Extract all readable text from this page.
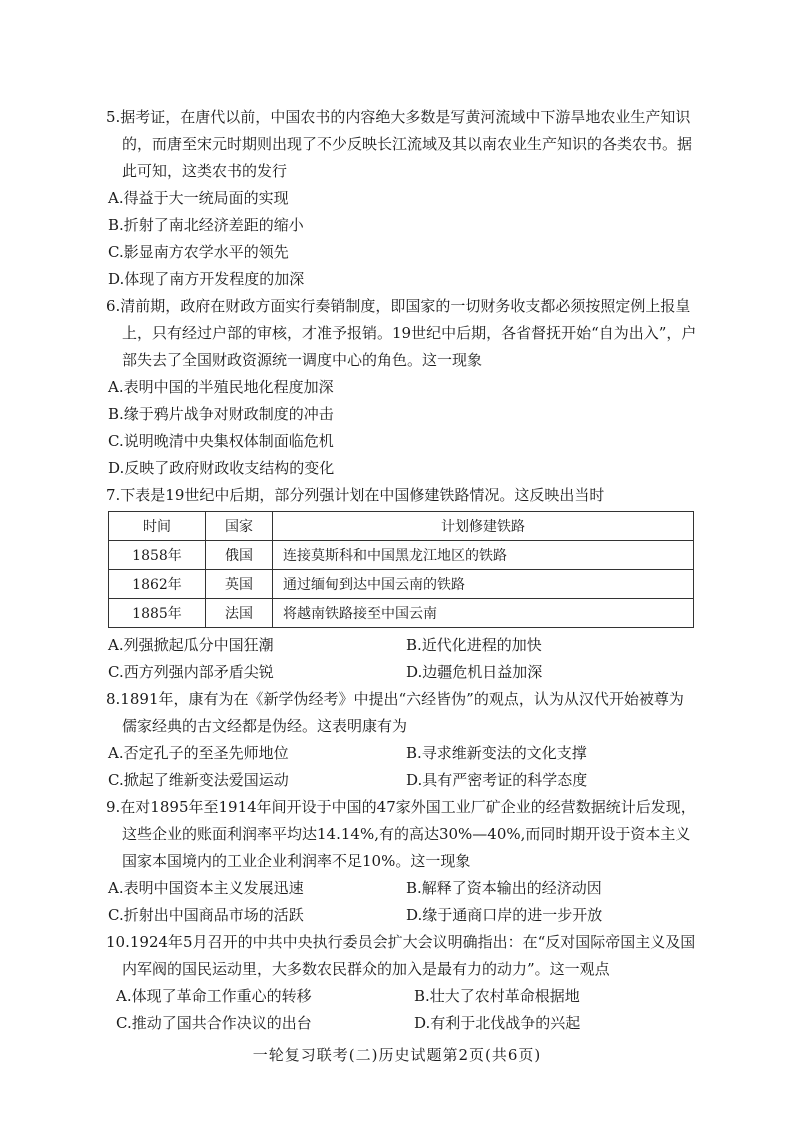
5.据考证，在唐代以前，中国农书的内容绝大多数是写黄河流域中下游旱地农业生产知识的，而唐至宋元时期则出现了不少反映长江流域及其以南农业生产知识的各类农书。据此可知，这类农书的发行
A.得益于大一统局面的实现
B.折射了南北经济差距的缩小
C.影显南方农学水平的领先
D.体现了南方开发程度的加深
6.清前期，政府在财政方面实行奏销制度，即国家的一切财务收支都必须按照定例上报皇上，只有经过户部的审核，才准予报销。19世纪中后期，各省督抚开始“自为出入”，户部失去了全国财政资源统一调度中心的角色。这一现象
A.表明中国的半殖民地化程度加深
B.缘于鸦片战争对财政制度的冲击
C.说明晚清中央集权体制面临危机
D.反映了政府财政收支结构的变化
7.下表是19世纪中后期，部分列强计划在中国修建铁路情况。这反映出当时
时间	国家	计划修建铁路
1858年	俄国	连接莫斯科和中国黑龙江地区的铁路
1862年	英国	通过缅甸到达中国云南的铁路
1885年	法国	将越南铁路接至中国云南
A.列强掀起瓜分中国狂潮	B.近代化进程的加快
C.西方列强内部矛盾尖锐	D.边疆危机日益加深
8.1891年，康有为在《新学伪经考》中提出“六经皆伪”的观点，认为从汉代开始被尊为儒家经典的古文经都是伪经。这表明康有为
A.否定孔子的至圣先师地位	B.寻求维新变法的文化支撑
C.掀起了维新变法爱国运动	D.具有严密考证的科学态度
9.在对1895年至1914年间开设于中国的47家外国工业厂矿企业的经营数据统计后发现，这些企业的账面利润率平均达14.14%,有的高达30%—40%,而同时期开设于资本主义国家本国境内的工业企业利润率不足10%。这一现象
A.表明中国资本主义发展迅速	B.解释了资本输出的经济动因
C.折射出中国商品市场的活跃	D.缘于通商口岸的进一步开放
10.1924年5月召开的中共中央执行委员会扩大会议明确指出：在“反对国际帝国主义及国内军阀的国民运动里，大多数农民群众的加入是最有力的动力”。这一观点
A.体现了革命工作重心的转移	B.壮大了农村革命根据地
C.推动了国共合作决议的出台	D.有利于北伐战争的兴起
一轮复习联考(二)历史试题第2页(共6页)
